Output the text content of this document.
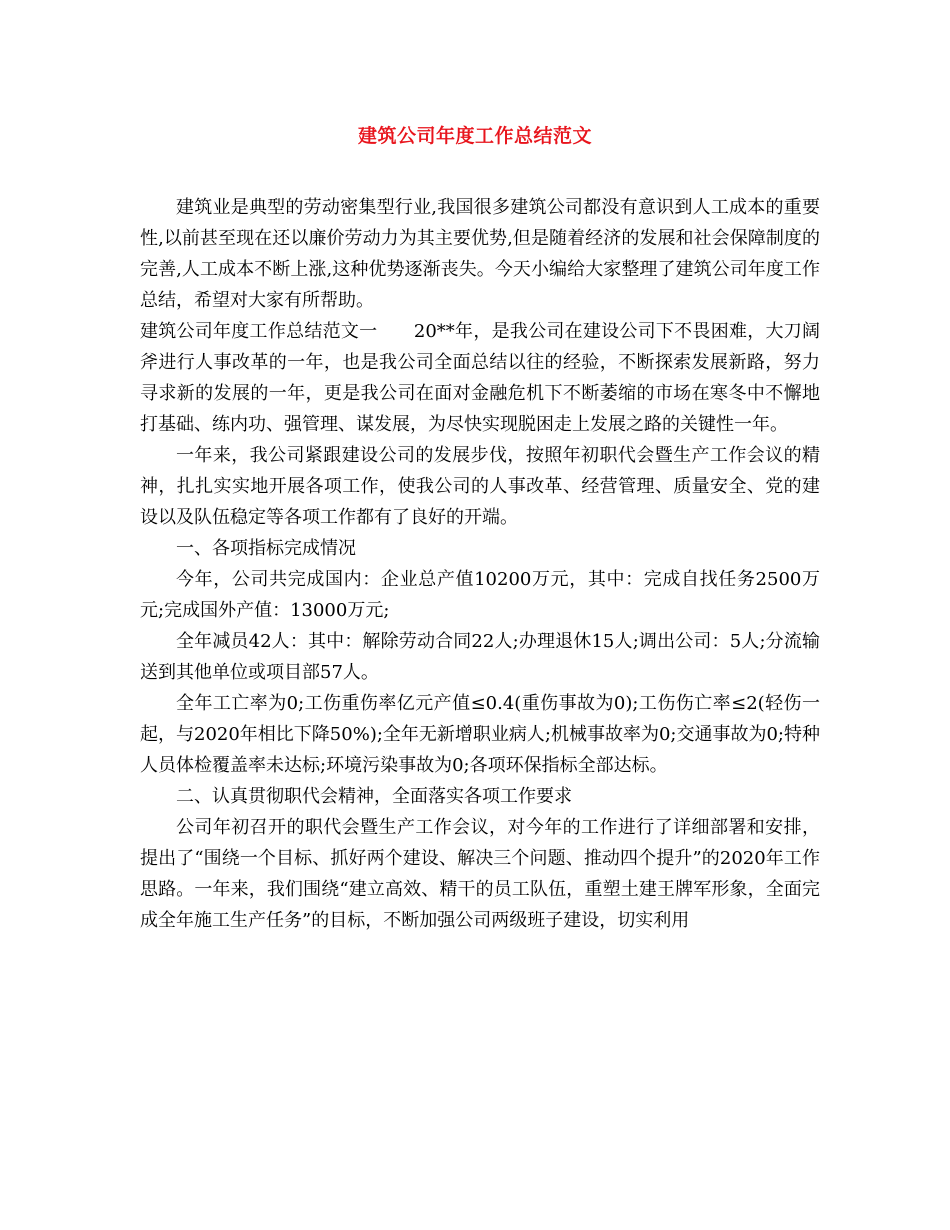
建筑公司年度工作总结范文

建筑业是典型的劳动密集型行业,我国很多建筑公司都没有意识到人工成本的重要性,以前甚至现在还以廉价劳动力为其主要优势,但是随着经济的发展和社会保障制度的完善,人工成本不断上涨,这种优势逐渐丧失。今天小编给大家整理了建筑公司年度工作总结，希望对大家有所帮助。

建筑公司年度工作总结范文一　　20**年，是我公司在建设公司下不畏困难，大刀阔斧进行人事改革的一年，也是我公司全面总结以往的经验，不断探索发展新路，努力寻求新的发展的一年，更是我公司在面对金融危机下不断萎缩的市场在寒冬中不懈地打基础、练内功、强管理、谋发展，为尽快实现脱困走上发展之路的关键性一年。

一年来，我公司紧跟建设公司的发展步伐，按照年初职代会暨生产工作会议的精神，扎扎实实地开展各项工作，使我公司的人事改革、经营管理、质量安全、党的建设以及队伍稳定等各项工作都有了良好的开端。

一、各项指标完成情况

今年，公司共完成国内：企业总产值10200万元，其中：完成自找任务2500万元;完成国外产值：13000万元;

全年减员42人：其中：解除劳动合同22人;办理退休15人;调出公司：5人;分流输送到其他单位或项目部57人。

全年工亡率为0;工伤重伤率亿元产值≤0.4(重伤事故为0);工伤伤亡率≤2(轻伤一起，与2020年相比下降50%);全年无新增职业病人;机械事故率为0;交通事故为0;特种人员体检覆盖率未达标;环境污染事故为0;各项环保指标全部达标。

二、认真贯彻职代会精神，全面落实各项工作要求

公司年初召开的职代会暨生产工作会议，对今年的工作进行了详细部署和安排，提出了“围绕一个目标、抓好两个建设、解决三个问题、推动四个提升”的2020年工作思路。一年来，我们围绕“建立高效、精干的员工队伍，重塑土建王牌军形象，全面完成全年施工生产任务”的目标，不断加强公司两级班子建设，切实利用
